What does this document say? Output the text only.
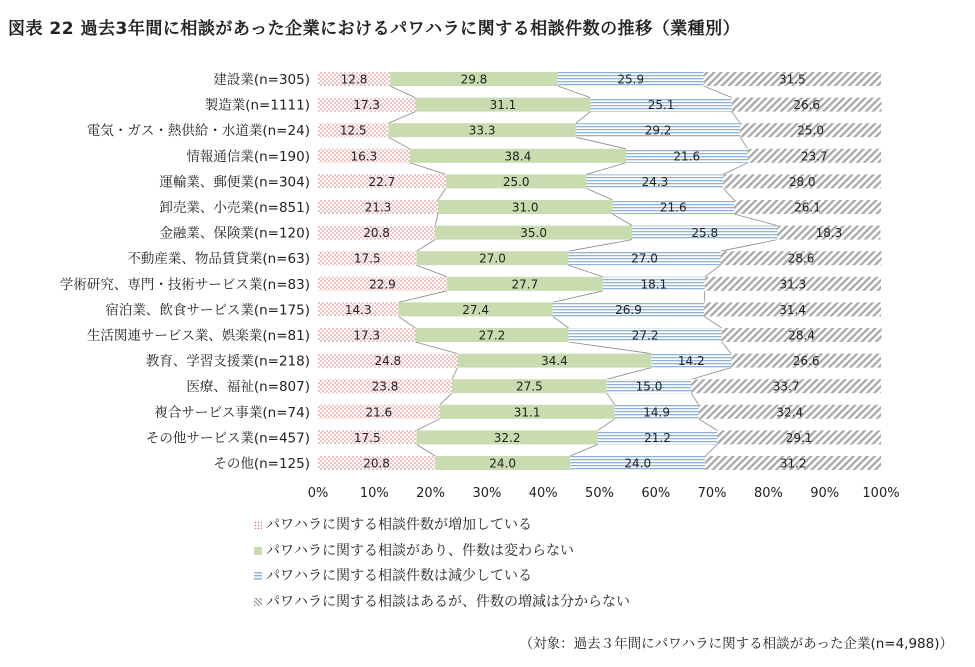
図表 22 過去3年間に相談があった企業におけるパワハラに関する相談件数の推移（業種別）
12.8	29.8	25.9	31.5
17.3	31.1	25.1	26.6
12.5	33.3	29.2	25.0
16.3	38.4	21.6	23.7
22.7	25.0	24.3	28.0
21.3	31.0	21.6	26.1
20.8	35.0	25.8	18.3
17.5	27.0	27.0	28.6
22.9	27.7	18.1	31.3
14.3	27.4	26.9	31.4
17.3	27.2	27.2	28.4
24.8	34.4	14.2	26.6
23.8	27.5	15.0	33.7
21.6	31.1	14.9	32.4
17.5	32.2	21.2	29.1
20.8	24.0	24.0	31.2
建設業(n=305)
製造業(n=1111)
電気・ガス・熱供給・水道業(n=24)
情報通信業(n=190)
運輸業、郵便業(n=304)
卸売業、小売業(n=851)
金融業、保険業(n=120)
不動産業、物品賃貸業(n=63)
学術研究、専門・技術サービス業(n=83)
宿泊業、飲食サービス業(n=175)
生活関連サービス業、娯楽業(n=81)
教育、学習支援業(n=218)
医療、福祉(n=807)
複合サービス事業(n=74)
その他サービス業(n=457)
その他(n=125)
0% 10% 20% 30% 40% 50% 60% 70% 80% 90% 100%
パワハラに関する相談件数が増加している
パワハラに関する相談があり、件数は変わらない
パワハラに関する相談件数は減少している
パワハラに関する相談はあるが、件数の増減は分からない
（対象：過去３年間にパワハラに関する相談があった企業(n=4,988)）
